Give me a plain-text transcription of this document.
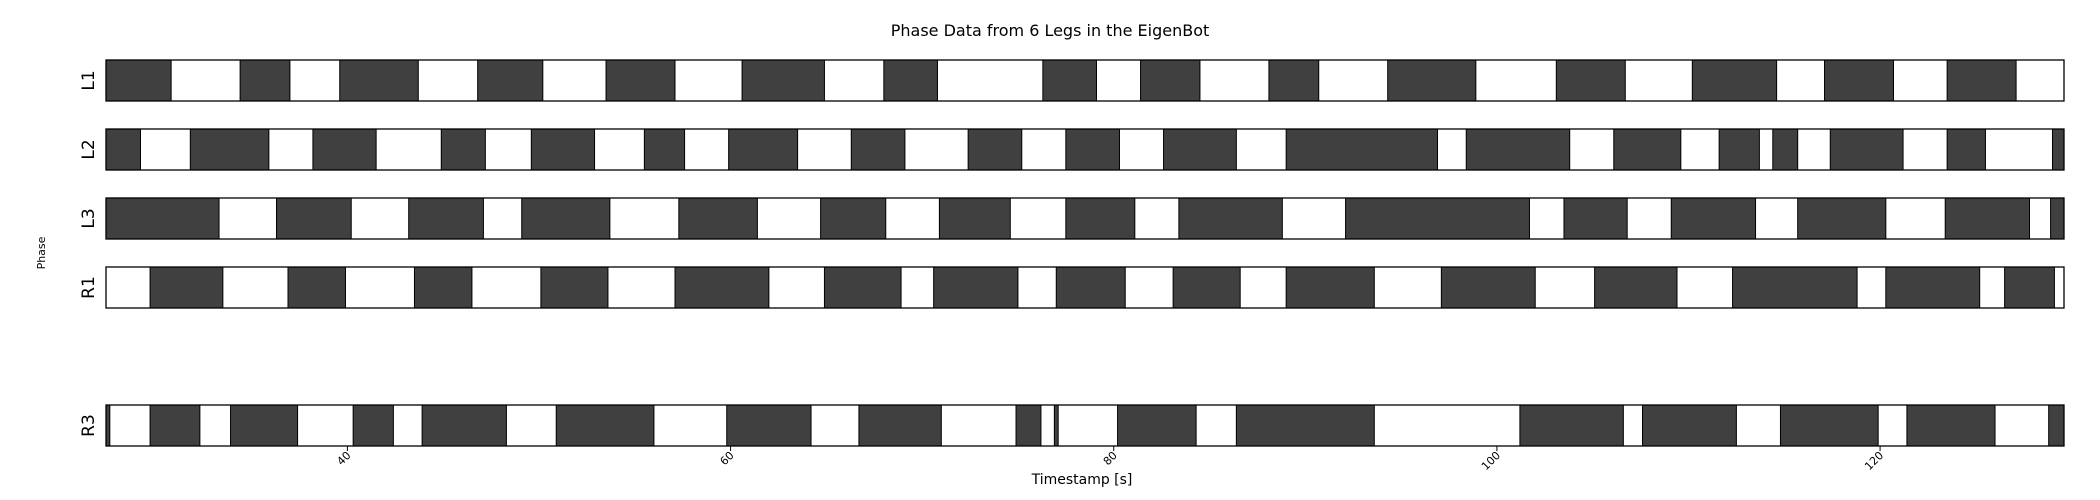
Phase Data from 6 Legs in the EigenBot
Phase
Timestamp [s]
L1
L2
L3
R1
R3
40	60	80	100	120
